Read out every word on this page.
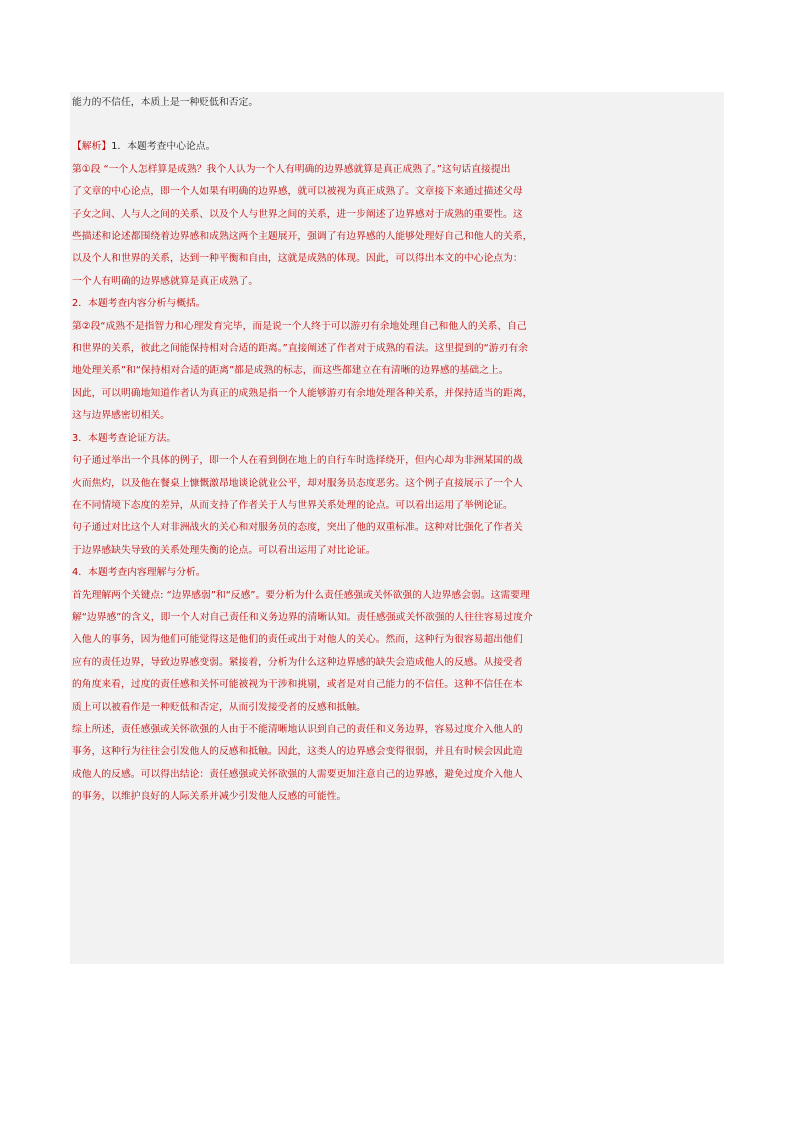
能力的不信任，本质上是一种贬低和否定。
【解析】1．本题考查中心论点。
第①段 “一个人怎样算是成熟？我个人认为一个人有明确的边界感就算是真正成熟了。”这句话直接提出
了文章的中心论点，即一个人如果有明确的边界感，就可以被视为真正成熟了。文章接下来通过描述父母
子女之间、人与人之间的关系、以及个人与世界之间的关系，进一步阐述了边界感对于成熟的重要性。这
些描述和论述都围绕着边界感和成熟这两个主题展开，强调了有边界感的人能够处理好自己和他人的关系，
以及个人和世界的关系，达到一种平衡和自由，这就是成熟的体现。因此，可以得出本文的中心论点为：
一个人有明确的边界感就算是真正成熟了。
2．本题考查内容分析与概括。
第②段“成熟不是指智力和心理发育完毕，而是说一个人终于可以游刃有余地处理自己和他人的关系、自己
和世界的关系，彼此之间能保持相对合适的距离。”直接阐述了作者对于成熟的看法。这里提到的“游刃有余
地处理关系”和“保持相对合适的距离”都是成熟的标志，而这些都建立在有清晰的边界感的基础之上。
因此，可以明确地知道作者认为真正的成熟是指一个人能够游刃有余地处理各种关系，并保持适当的距离，
这与边界感密切相关。
3．本题考查论证方法。
句子通过举出一个具体的例子，即一个人在看到倒在地上的自行车时选择绕开，但内心却为非洲某国的战
火而焦灼，以及他在餐桌上慷慨激昂地谈论就业公平，却对服务员态度恶劣。这个例子直接展示了一个人
在不同情境下态度的差异，从而支持了作者关于人与世界关系处理的论点。可以看出运用了举例论证。
句子通过对比这个人对非洲战火的关心和对服务员的态度，突出了他的双重标准。这种对比强化了作者关
于边界感缺失导致的关系处理失衡的论点。可以看出运用了对比论证。
4．本题考查内容理解与分析。
首先理解两个关键点: “边界感弱”和“反感”。要分析为什么责任感强或关怀欲强的人边界感会弱。这需要理
解“边界感”的含义，即一个人对自己责任和义务边界的清晰认知。责任感强或关怀欲强的人往往容易过度介
入他人的事务，因为他们可能觉得这是他们的责任或出于对他人的关心。然而，这种行为很容易超出他们
应有的责任边界，导致边界感变弱。紧接着，分析为什么这种边界感的缺失会造成他人的反感。从接受者
的角度来看，过度的责任感和关怀可能被视为干涉和挑剔，或者是对自己能力的不信任。这种不信任在本
质上可以被看作是一种贬低和否定，从而引发接受者的反感和抵触。
综上所述，责任感强或关怀欲强的人由于不能清晰地认识到自己的责任和义务边界，容易过度介入他人的
事务，这种行为往往会引发他人的反感和抵触。因此，这类人的边界感会变得很弱，并且有时候会因此造
成他人的反感。可以得出结论：责任感强或关怀欲强的人需要更加注意自己的边界感，避免过度介入他人
的事务，以维护良好的人际关系并减少引发他人反感的可能性。
